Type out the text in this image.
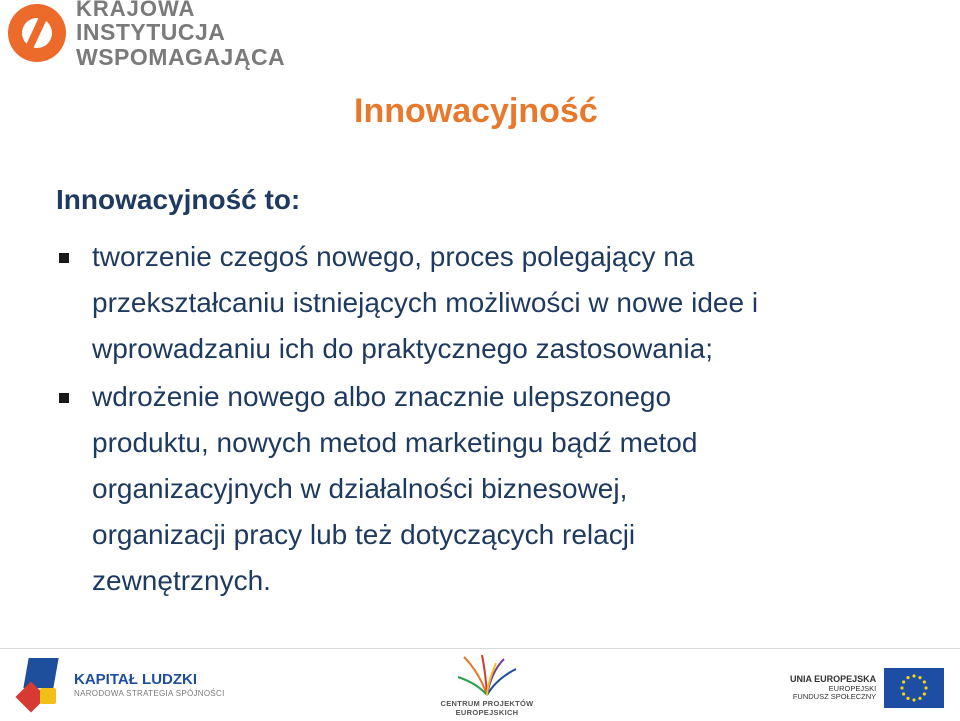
KRAJOWA
INSTYTUCJA WSPOMAGAJĄCA
Innowacyjność
Innowacyjność to:
tworzenie czegoś nowego, proces polegający na
przekształcaniu istniejących możliwości w nowe idee i
wprowadzaniu ich do praktycznego zastosowania;
wdrożenie nowego albo znacznie ulepszonego
produktu, nowych metod marketingu bądź metod
organizacyjnych w działalności biznesowej,
organizacji pracy lub też dotyczących relacji
zewnętrznych.
KAPITAŁ LUDZKI
NARODOWA STRATEGIA SPÓJNOŚCI
CENTRUM PROJEKTÓW EUROPEJSKICH
UNIA EUROPEJSKA
EUROPEJSKI
FUNDUSZ SPOŁECZNY
